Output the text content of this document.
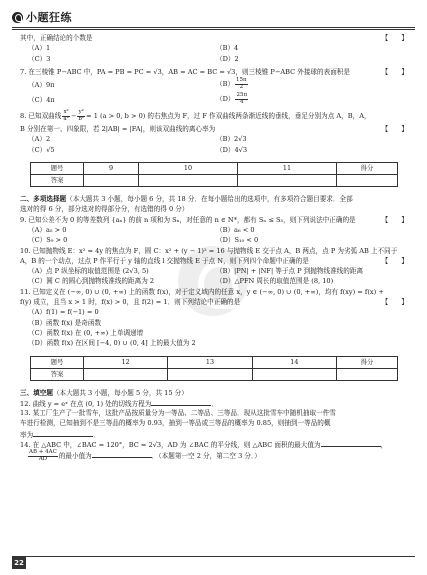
小题狂练
其中，正确结论的个数是	【　　】
（A）1	（B）4
（C）3	（D）2
7. 在三棱锥 P−ABC 中，PA = PB = PC = √3，AB = AC = BC = √3，则三棱锥 P−ABC 外接球的表面积是	【　　】
（A）9π	$(B) \frac{15\pi}{2}$
（C）4π	$(D) \frac{25\pi}{4}$
8. 已知双曲线 $\frac{\text{x²}}{\text{a²}} - \frac{\text{y²}}{\text{b²}} = 1$ (a > 0, b > 0) 的右焦点为 F，过 F 作双曲线两条渐近线的垂线，垂足分别为点 A，B，A，
B 分别在第一、四象限，若 2|AB| = |FA|，则该双曲线的离心率为	【　　】
（A）2	（B）2√3
（C）√5	（D）4√3
题号	9	10	11	得分
答案				
二、多项选择题（本大题共 3 小题，每小题 6 分，共 18 分．在每小题给出的选项中，有多项符合题目要求．全部
选对的得 6 分，部分选对的得部分分，有选错的得 0 分）
9. 已知公差不为 0 的等差数列 {aₙ} 的前 n 项和为 Sₙ，对任意的 n ∈ N*，都有 Sₙ ≤ S₅，则下列说法中正确的是	【　　】
（A）a₅ > 0	（B）a₆ < 0
（C）S₉ > 0	（D）S₁₀ < 0
10. 已知抛物线 E：x² = 4y 的焦点为 F，圆 C：x² + (y − 1)² = 16 与抛物线 E 交于点 A，B 两点，点 P 为劣弧 AB 上不同于
A，B 的一个动点，过点 P 作平行于 y 轴的直线 l 交抛物线 E 于点 N，则下列四个命题中正确的是	【　　】
（A）点 P 纵坐标的取值范围是 (2√3, 5)	（B）|PN| + |NF| 等于点 P 到抛物线准线的距离
（C）圆 C 的圆心到抛物线准线的距离为 2	（D）△PFN 周长的取值范围是 (8, 10)
11. 已知定义在 (−∞, 0) ∪ (0, +∞) 上的函数 f(x)，对于定义域内的任意 x，y ∈ (−∞, 0) ∪ (0, +∞)，均有 f(xy) = f(x) +
f(y) 成立，且当 x > 1 时，f(x) > 0，且 f(2) = 1．则下列结论中正确的是	【　　】
（A）f(1) = f(−1) = 0
（B）函数 f(x) 是奇函数
（C）函数 f(x) 在 (0, +∞) 上单调递增
（D）函数 f(x) 在区间 [−4, 0) ∪ (0, 4] 上的最大值为 2
题号	12	13	14	得分
答案				
三、填空题（本大题共 3 小题，每小题 5 分，共 15 分）
12. 曲线 y = eˣ 在点 (0, 1) 处的切线方程为	．
13. 某工厂生产了一批雪车，这批产品按质量分为一等品、二等品、三等品．现从这批雪车中随机抽取一件雪
车进行检测，已知抽到不是三等品的概率为 0.93，抽到一等品或三等品的概率为 0.85，则抽到一等品的概
率为	．
14. 在 △ABC 中，∠BAC = 120°，BC = 2√3，AD 为 ∠BAC 的平分线，则 △ABC 面积的最大值为	，
$\frac{AB + 4AC}{AD}$ 的最小值为	．（本题第一空 2 分，第二空 3 分．）
22
